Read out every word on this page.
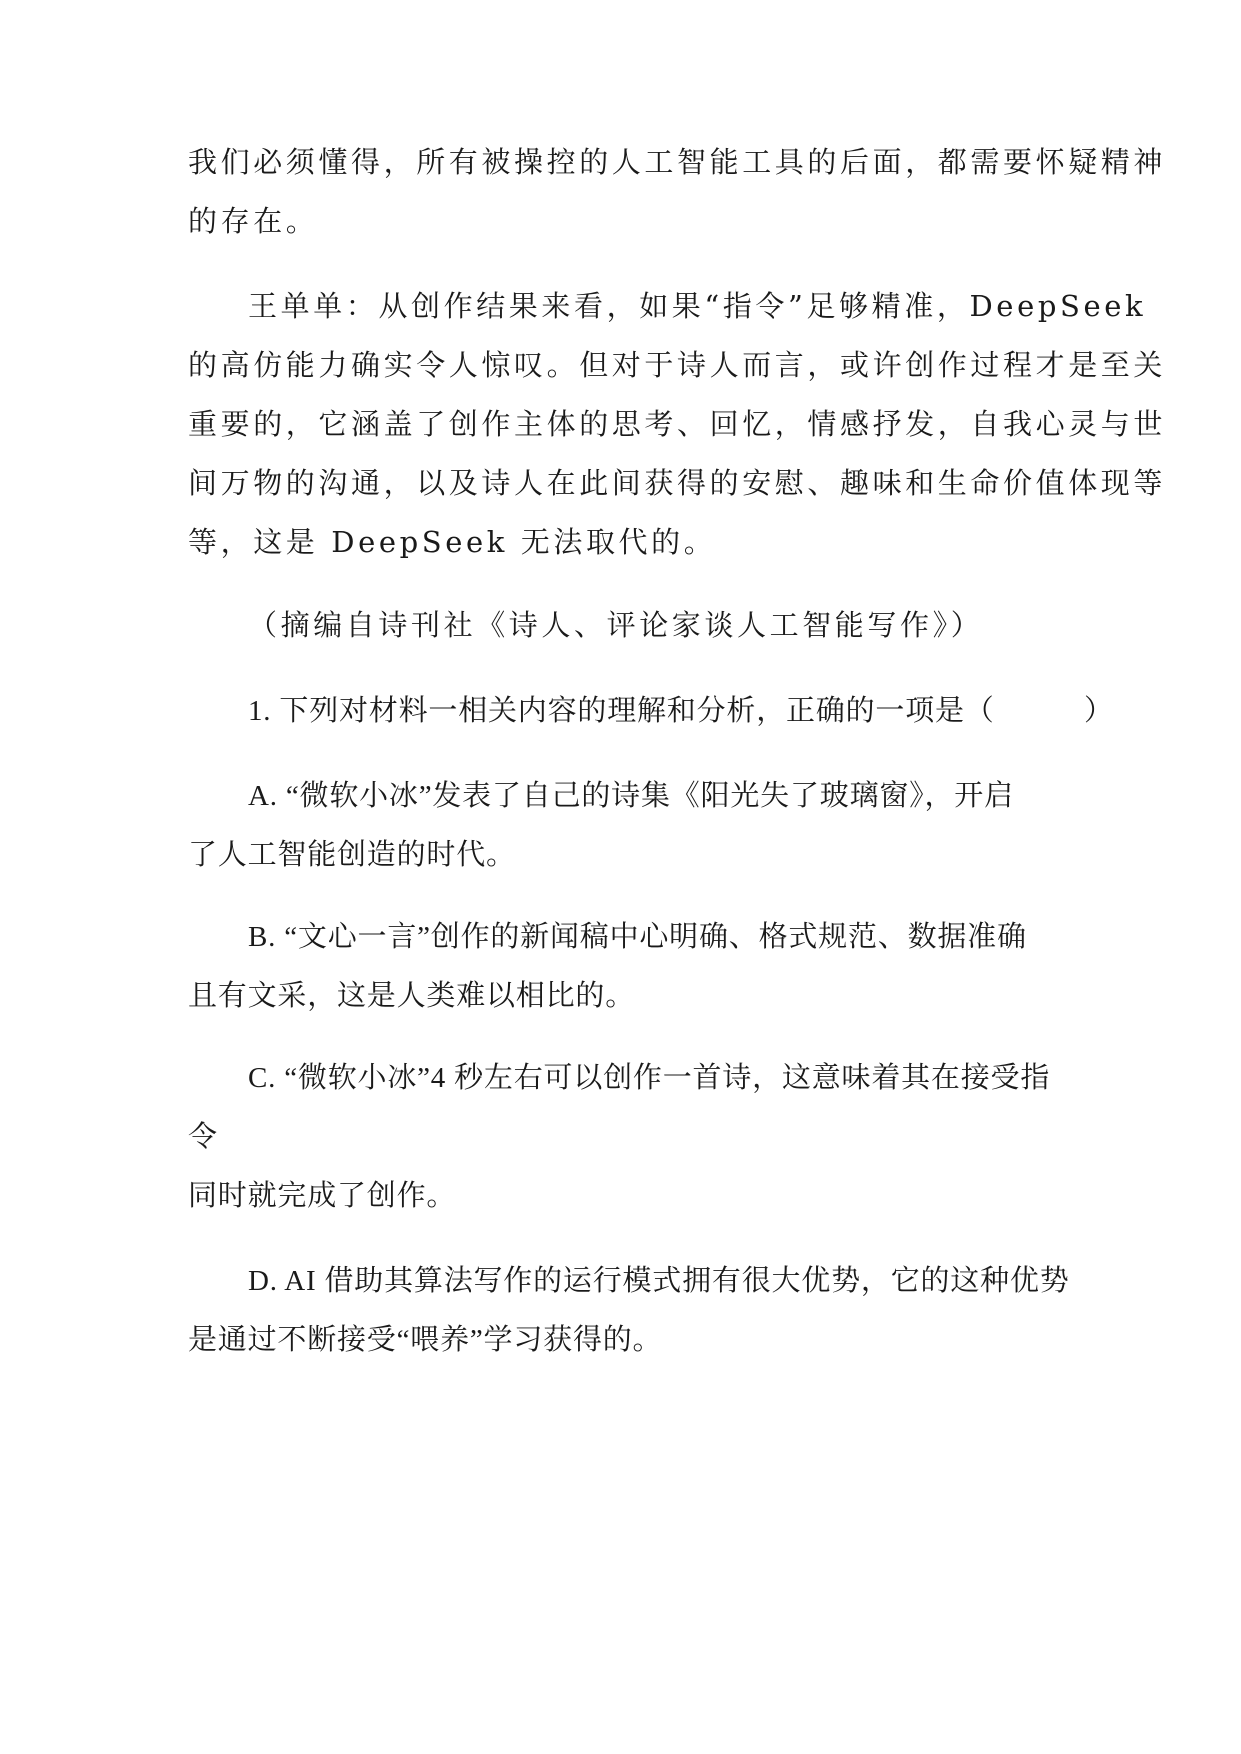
我们必须懂得，所有被操控的人工智能工具的后面，都需要怀疑精神

的存在。

王单单：从创作结果来看，如果“指令”足够精准，DeepSeek

的高仿能力确实令人惊叹。但对于诗人而言，或许创作过程才是至关

重要的，它涵盖了创作主体的思考、回忆，情感抒发，自我心灵与世

间万物的沟通，以及诗人在此间获得的安慰、趣味和生命价值体现等

等，这是 DeepSeek 无法取代的。

（摘编自诗刊社《诗人、评论家谈人工智能写作》）

1. 下列对材料一相关内容的理解和分析，正确的一项是（　　　）

A. “微软小冰”发表了自己的诗集《阳光失了玻璃窗》，开启

了人工智能创造的时代。

B. “文心一言”创作的新闻稿中心明确、格式规范、数据准确

且有文采，这是人类难以相比的。

C. “微软小冰”4 秒左右可以创作一首诗，这意味着其在接受指

令

同时就完成了创作。

D. AI 借助其算法写作的运行模式拥有很大优势，它的这种优势

是通过不断接受“喂养”学习获得的。
